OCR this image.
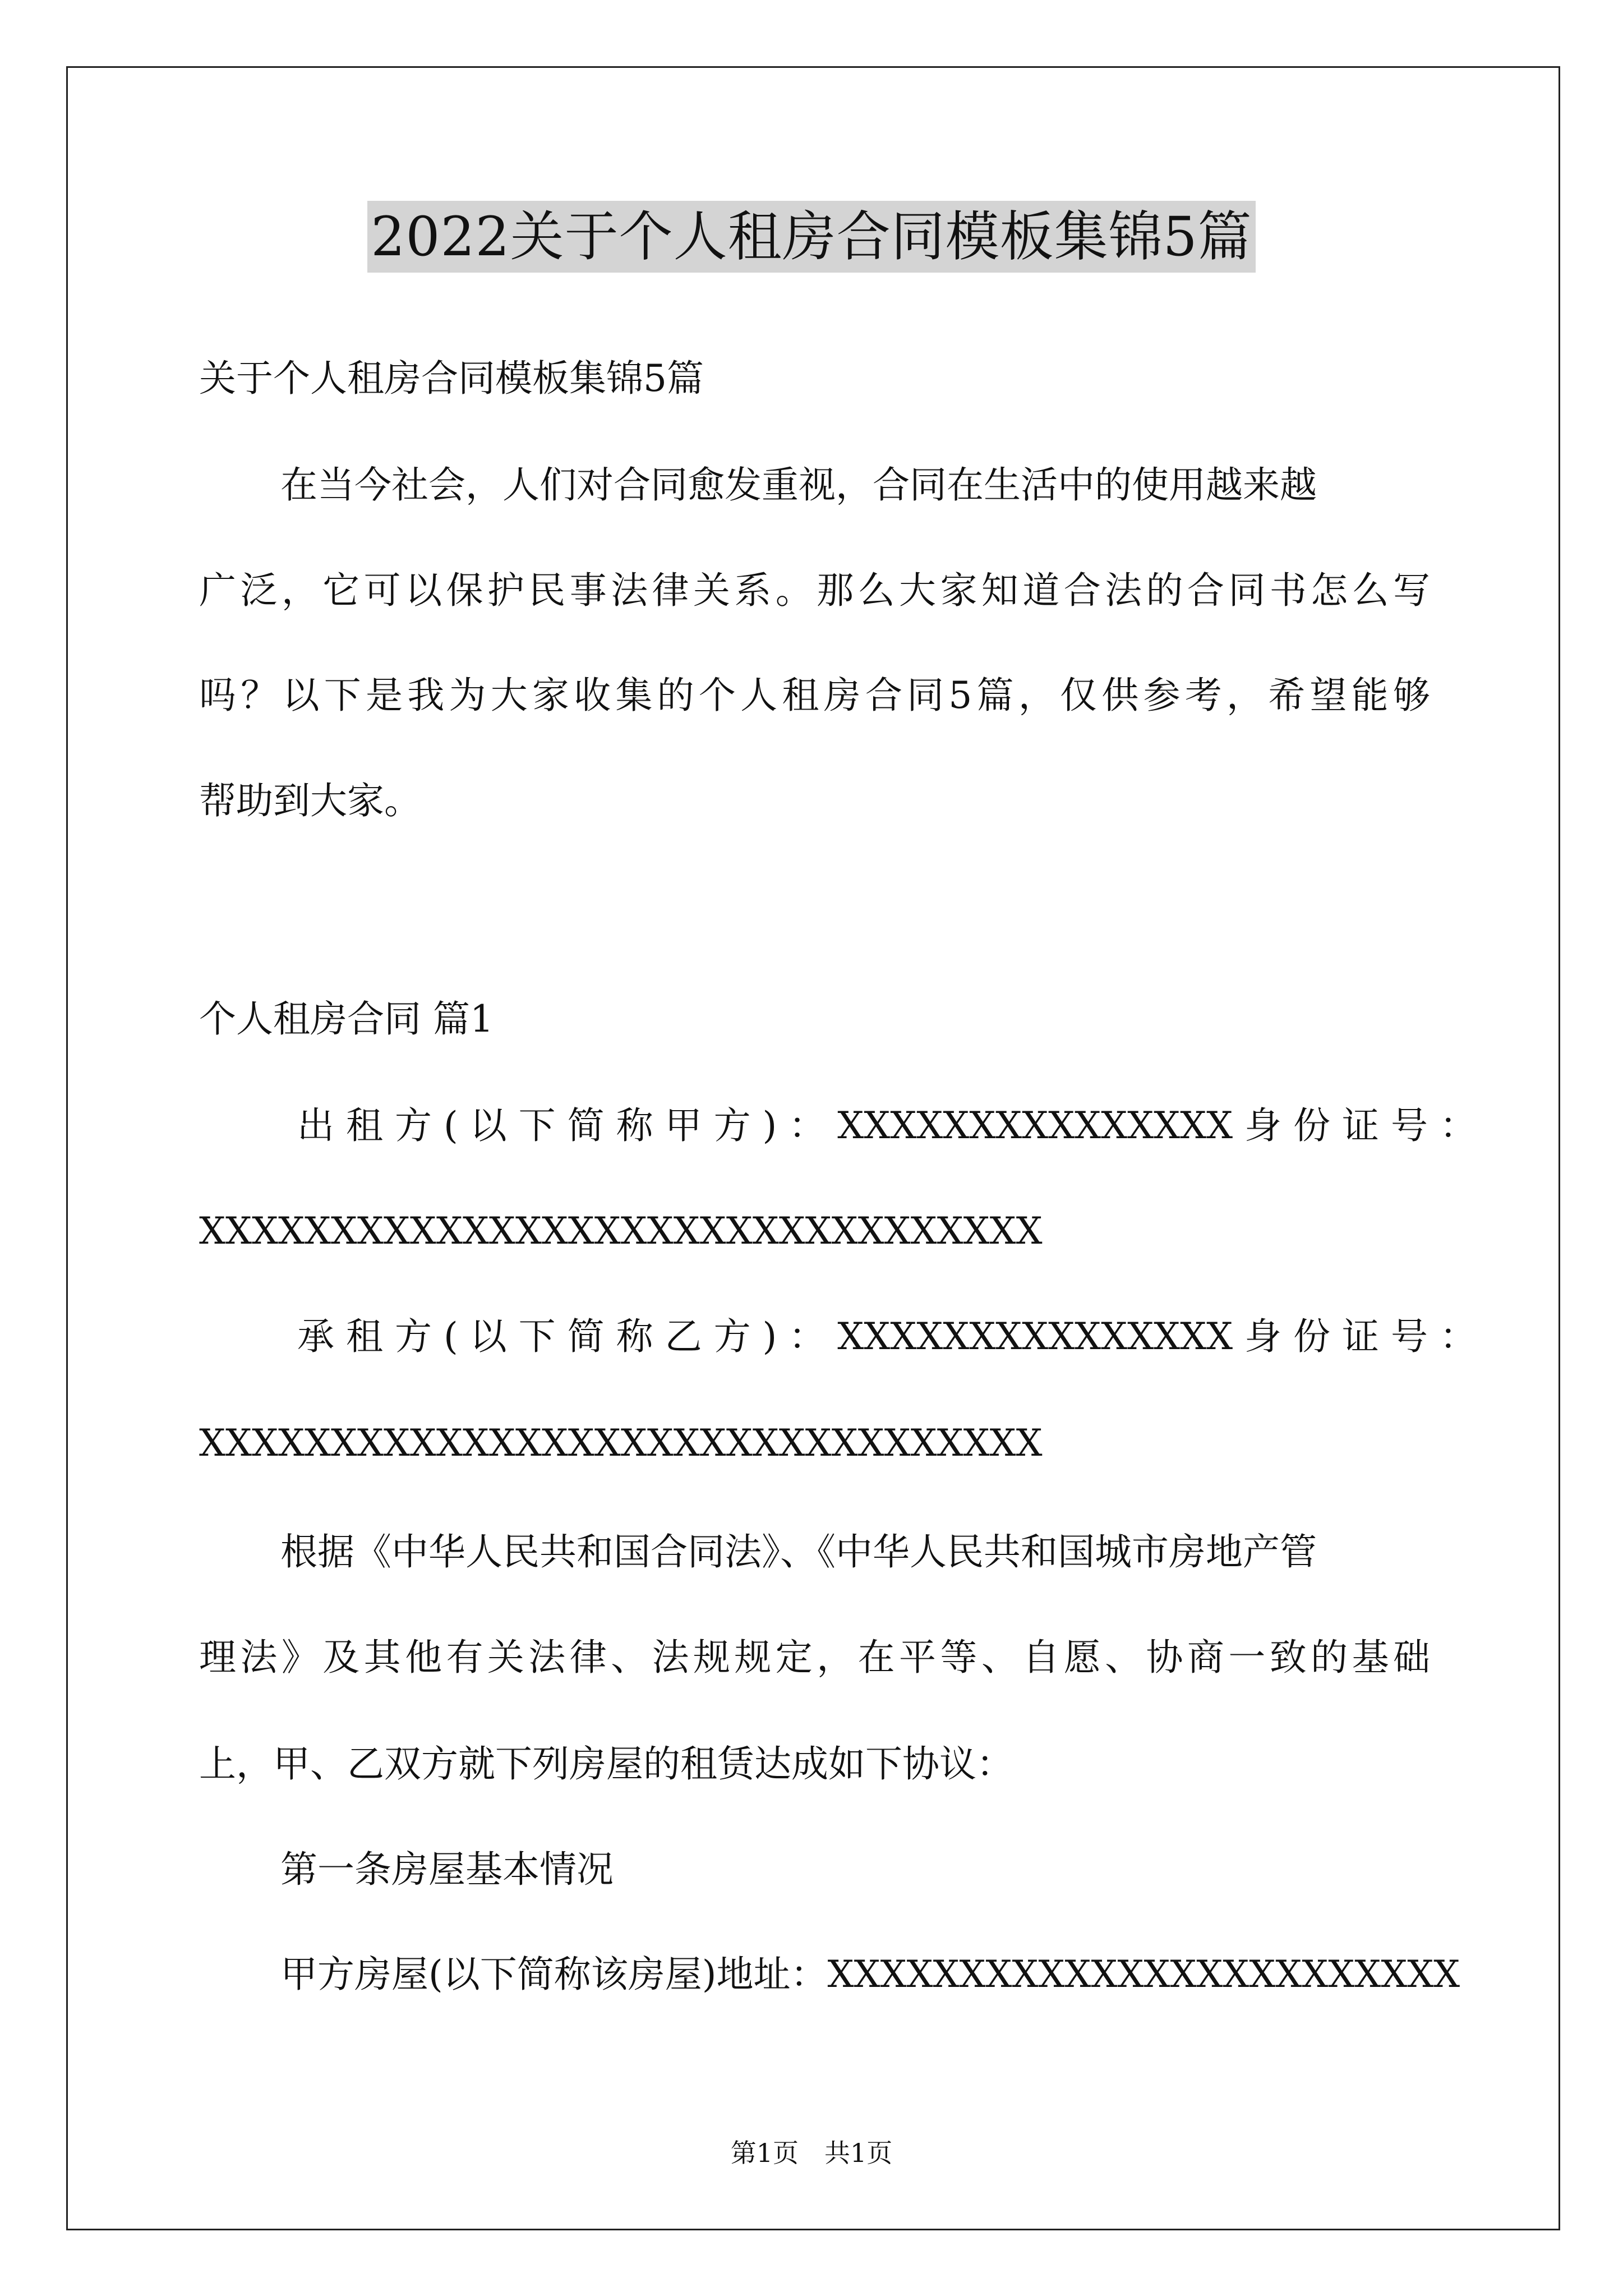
2022关于个人租房合同模板集锦5篇
关于个人租房合同模板集锦5篇
在当今社会，人们对合同愈发重视，合同在生活中的使用越来越
广泛，它可以保护民事法律关系。那么大家知道合法的合同书怎么写
吗？以下是我为大家收集的个人租房合同5篇，仅供参考，希望能够
帮助到大家。
个人租房合同 篇1
出 租 方 ( 以 下 简 称 甲 方 ) ： XXXXXXXXXXXXXXX 身 份 证 号 ：
XXXXXXXXXXXXXXXXXXXXXXXXXXXXXXXX
承 租 方 ( 以 下 简 称 乙 方 ) ： XXXXXXXXXXXXXXX 身 份 证 号 ：
XXXXXXXXXXXXXXXXXXXXXXXXXXXXXXXX
根据《中华人民共和国合同法》、《中华人民共和国城市房地产管
理法》及其他有关法律、法规规定，在平等、自愿、协商一致的基础
上，甲、乙双方就下列房屋的租赁达成如下协议：
第一条房屋基本情况
甲方房屋(以下简称该房屋)地址：XXXXXXXXXXXXXXXXXXXXXXXX
第1页　共1页
